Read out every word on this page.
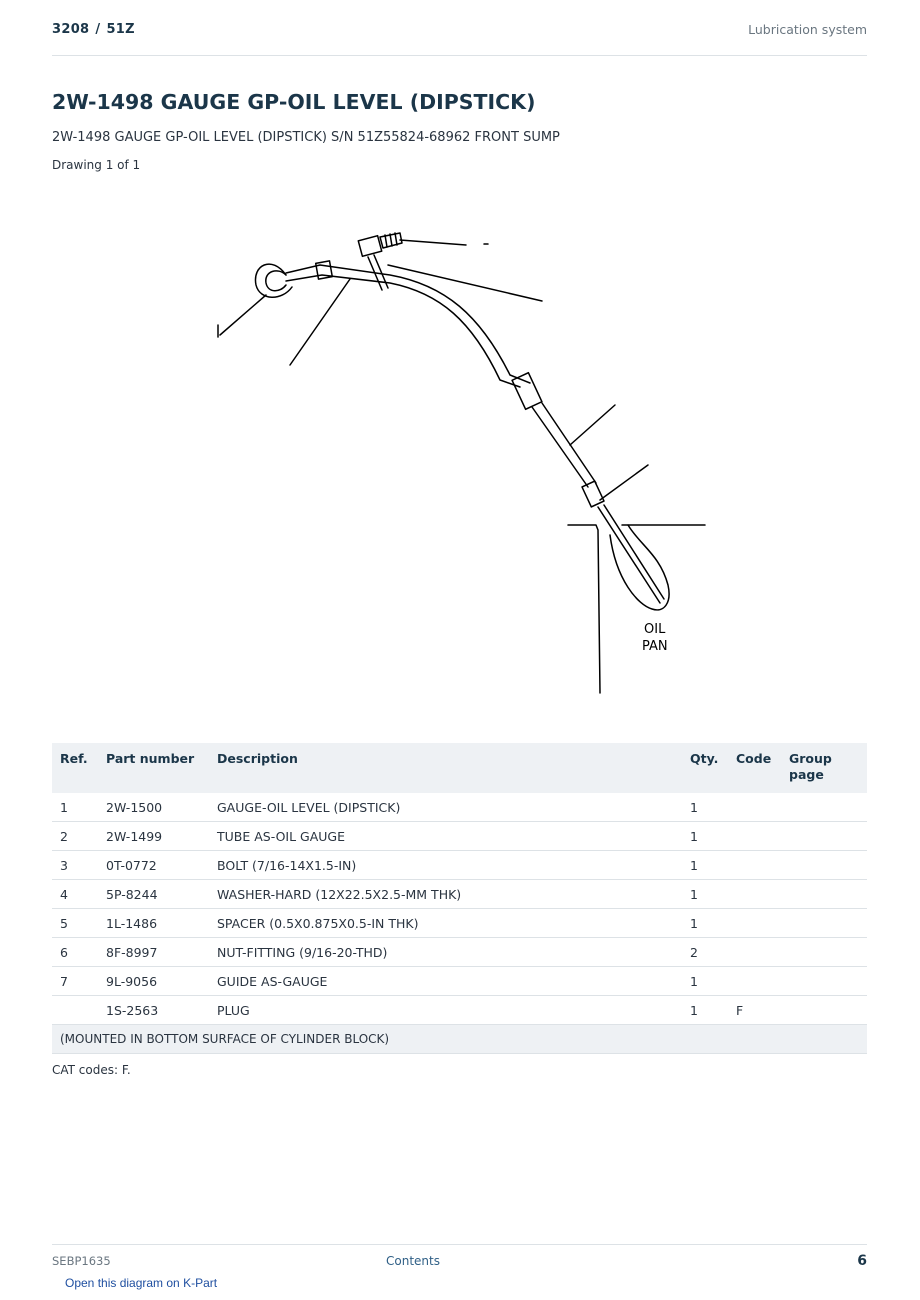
3208 / 51Z	Lubrication system
2W-1498 GAUGE GP-OIL LEVEL (DIPSTICK)
2W-1498 GAUGE GP-OIL LEVEL (DIPSTICK) S/N 51Z55824-68962 FRONT SUMP
Drawing 1 of 1
OIL
PAN
Ref.	Part number	Description	Qty.	Code	Group page
1	2W-1500	GAUGE-OIL LEVEL (DIPSTICK)	1		
2	2W-1499	TUBE AS-OIL GAUGE	1		
3	0T-0772	BOLT (7/16-14X1.5-IN)	1		
4	5P-8244	WASHER-HARD (12X22.5X2.5-MM THK)	1		
5	1L-1486	SPACER (0.5X0.875X0.5-IN THK)	1		
6	8F-8997	NUT-FITTING (9/16-20-THD)	2		
7	9L-9056	GUIDE AS-GAUGE	1		
	1S-2563	PLUG	1	F	
(MOUNTED IN BOTTOM SURFACE OF CYLINDER BLOCK)					
CAT codes: F.
SEBP1635	Contents	6
Open this diagram on K-Part
